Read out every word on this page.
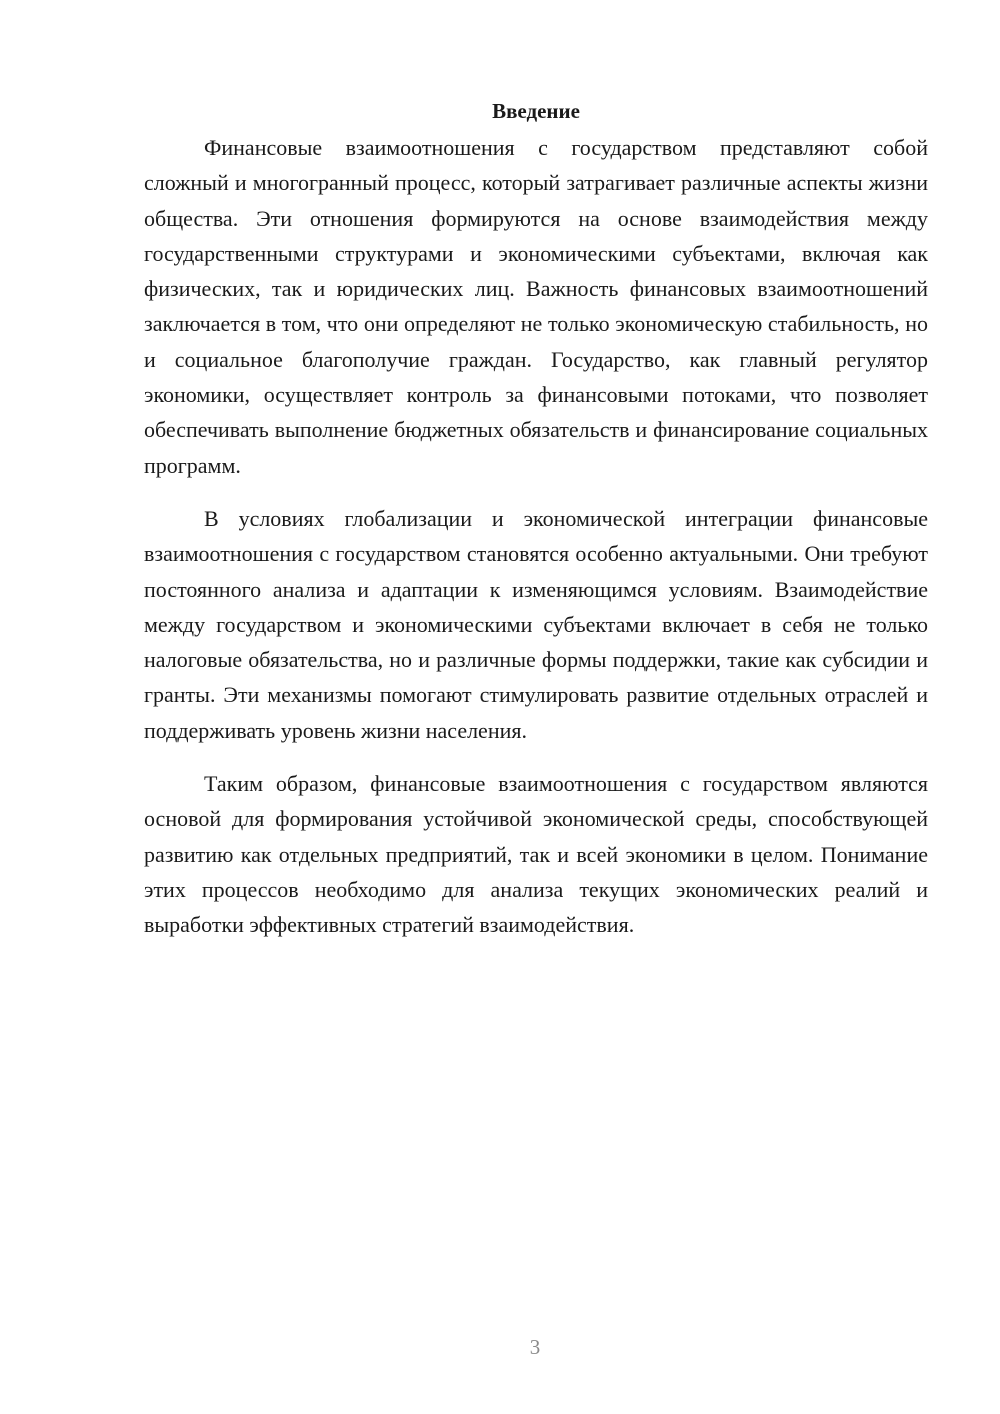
Введение

Финансовые взаимоотношения с государством представляют собой сложный и многогранный процесс, который затрагивает различные аспекты жизни общества. Эти отношения формируются на основе взаимодействия между государственными структурами и экономическими субъектами, включая как физических, так и юридических лиц. Важность финансовых взаимоотношений заключается в том, что они определяют не только экономическую стабильность, но и социальное благополучие граждан. Государство, как главный регулятор экономики, осуществляет контроль за финансовыми потоками, что позволяет обеспечивать выполнение бюджетных обязательств и финансирование социальных программ.

В условиях глобализации и экономической интеграции финансовые взаимоотношения с государством становятся особенно актуальными. Они требуют постоянного анализа и адаптации к изменяющимся условиям. Взаимодействие между государством и экономическими субъектами включает в себя не только налоговые обязательства, но и различные формы поддержки, такие как субсидии и гранты. Эти механизмы помогают стимулировать развитие отдельных отраслей и поддерживать уровень жизни населения.

Таким образом, финансовые взаимоотношения с государством являются основой для формирования устойчивой экономической среды, способствующей развитию как отдельных предприятий, так и всей экономики в целом. Понимание этих процессов необходимо для анализа текущих экономических реалий и выработки эффективных стратегий взаимодействия.

3
